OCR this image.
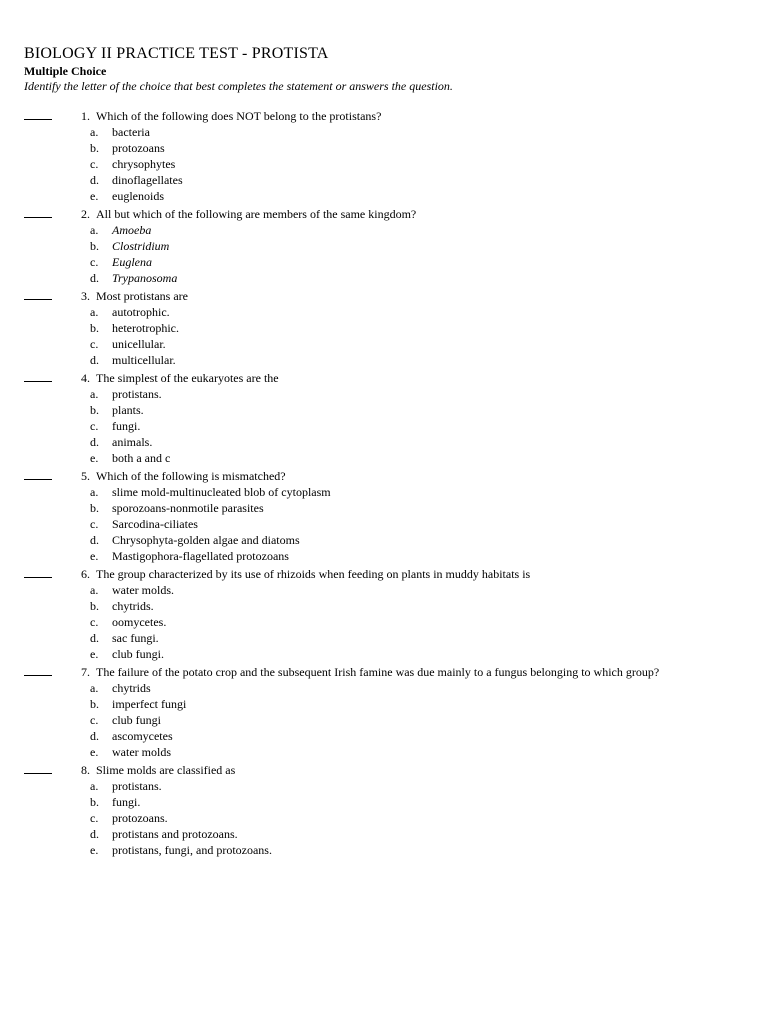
BIOLOGY II PRACTICE TEST - PROTISTA
Multiple Choice
Identify the letter of the choice that best completes the statement or answers the question.
1. Which of the following does NOT belong to the protistans?
a.	bacteria
b.	protozoans
c.	chrysophytes
d.	dinoflagellates
e.	euglenoids
2. All but which of the following are members of the same kingdom?
a.	Amoeba
b.	Clostridium
c.	Euglena
d.	Trypanosoma
3. Most protistans are
a.	autotrophic.
b.	heterotrophic.
c.	unicellular.
d.	multicellular.
4. The simplest of the eukaryotes are the
a.	protistans.
b.	plants.
c.	fungi.
d.	animals.
e.	both a and c
5. Which of the following is mismatched?
a.	slime mold-multinucleated blob of cytoplasm
b.	sporozoans-nonmotile parasites
c.	Sarcodina-ciliates
d.	Chrysophyta-golden algae and diatoms
e.	Mastigophora-flagellated protozoans
6. The group characterized by its use of rhizoids when feeding on plants in muddy habitats is
a.	water molds.
b.	chytrids.
c.	oomycetes.
d.	sac fungi.
e.	club fungi.
7. The failure of the potato crop and the subsequent Irish famine was due mainly to a fungus belonging to which group?
a.	chytrids
b.	imperfect fungi
c.	club fungi
d.	ascomycetes
e.	water molds
8. Slime molds are classified as
a.	protistans.
b.	fungi.
c.	protozoans.
d.	protistans and protozoans.
e.	protistans, fungi, and protozoans.
